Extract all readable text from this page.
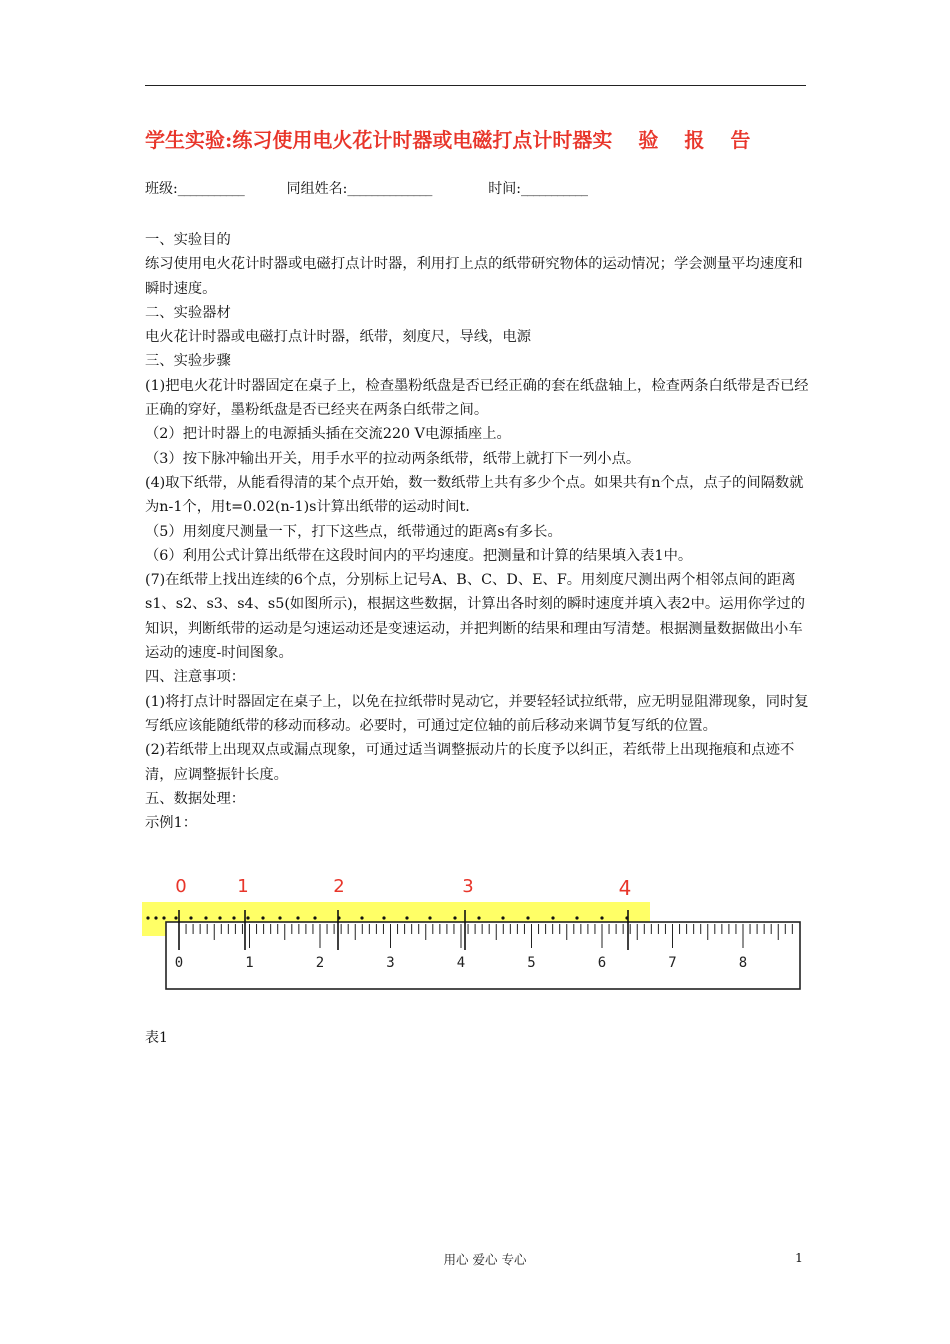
学生实验:练习使用电火花计时器或电磁打点计时器实 验 报 告
班级:___________	同组姓名:______________	时间:___________

一、实验目的

练习使用电火花计时器或电磁打点计时器，利用打上点的纸带研究物体的运动情况；学会测量平均速度和瞬时速度。

二、实验器材

电火花计时器或电磁打点计时器，纸带，刻度尺，导线，电源

三、实验步骤

(1)把电火花计时器固定在桌子上，检查墨粉纸盘是否已经正确的套在纸盘轴上，检查两条白纸带是否已经正确的穿好，墨粉纸盘是否已经夹在两条白纸带之间。

（2）把计时器上的电源插头插在交流220 V电源插座上。

（3）按下脉冲输出开关，用手水平的拉动两条纸带，纸带上就打下一列小点。

(4)取下纸带，从能看得清的某个点开始，数一数纸带上共有多少个点。如果共有n个点，点子的间隔数就为n-1个，用t=0.02(n-1)s计算出纸带的运动时间t.

（5）用刻度尺测量一下，打下这些点，纸带通过的距离s有多长。

（6）利用公式计算出纸带在这段时间内的平均速度。把测量和计算的结果填入表1中。

(7)在纸带上找出连续的6个点，分别标上记号A、B、C、D、E、F。用刻度尺测出两个相邻点间的距离s1、s2、s3、s4、s5(如图所示)，根据这些数据，计算出各时刻的瞬时速度并填入表2中。运用你学过的知识，判断纸带的运动是匀速运动还是变速运动，并把判断的结果和理由写清楚。根据测量数据做出小车运动的速度-时间图象。

四、注意事项：

(1)将打点计时器固定在桌子上，以免在拉纸带时晃动它，并要轻轻试拉纸带，应无明显阻滞现象，同时复写纸应该能随纸带的移动而移动。必要时，可通过定位轴的前后移动来调节复写纸的位置。

(2)若纸带上出现双点或漏点现象，可通过适当调整振动片的长度予以纠正，若纸带上出现拖痕和点迹不清，应调整振针长度。

五、数据处理：

示例1：

0	1	2	3	4	5	6	7	8
0	1	2	3	4
表1
用心 爱心 专心	1
